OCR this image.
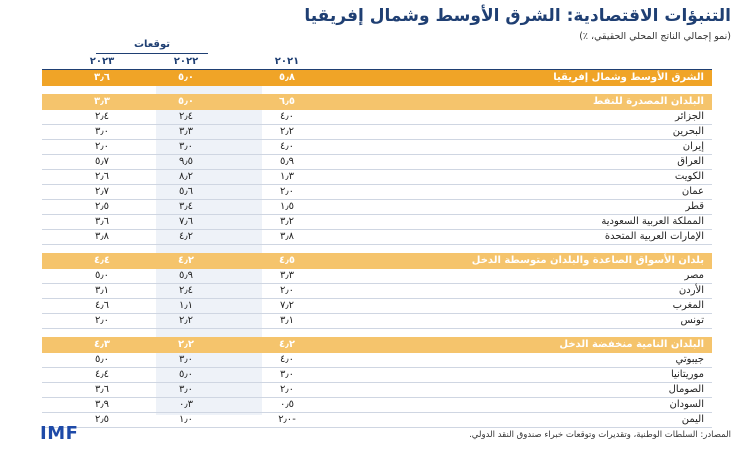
التنبؤات الاقتصادية: الشرق الأوسط وشمال إفريقيا
(نمو إجمالي الناتج المحلي الحقيقي، ٪)
توقعات
٢٠٢١
٢٠٢٢
٢٠٢٣
الشرق الأوسط وشمال إفريقيا
٥٫٨
٥٫٠
٣٫٦
البلدان المصدرة للنفط
٦٫٥
٥٫٠
٣٫٣
الجزائر
٤٫٠
٢٫٤
٢٫٤
البحرين
٢٫٢
٣٫٣
٣٫٠
إيران
٤٫٠
٣٫٠
٢٫٠
العراق
٥٫٩
٩٫٥
٥٫٧
الكويت
١٫٣
٨٫٢
٢٫٦
عمان
٢٫٠
٥٫٦
٢٫٧
قطر
١٫٥
٣٫٤
٢٫٥
المملكة العربية السعودية
٣٫٢
٧٫٦
٣٫٦
الإمارات العربية المتحدة
٣٫٨
٤٫٢
٣٫٨
بلدان الأسواق الصاعدة والبلدان متوسطة الدخل
٤٫٥
٤٫٢
٤٫٤
مصر
٣٫٣
٥٫٩
٥٫٠
الأردن
٢٫٠
٢٫٤
٣٫١
المغرب
٧٫٢
١٫١
٤٫٦
تونس
٣٫١
٢٫٢
٢٫٠
البلدان النامية منخفضة الدخل
٤٫٢
٢٫٢
٤٫٣
جيبوتي
٤٫٠
٣٫٠
٥٫٠
موريتانيا
٣٫٠
٥٫٠
٤٫٤
الصومال
٢٫٠
٣٫٠
٣٫٦
السودان
٠٫٥
٠٫٣
٣٫٩
اليمن
٢٫٠-
١٫٠
٢٫٥
IMF	المصادر: السلطات الوطنية، وتقديرات وتوقعات خبراء صندوق النقد الدولي.
